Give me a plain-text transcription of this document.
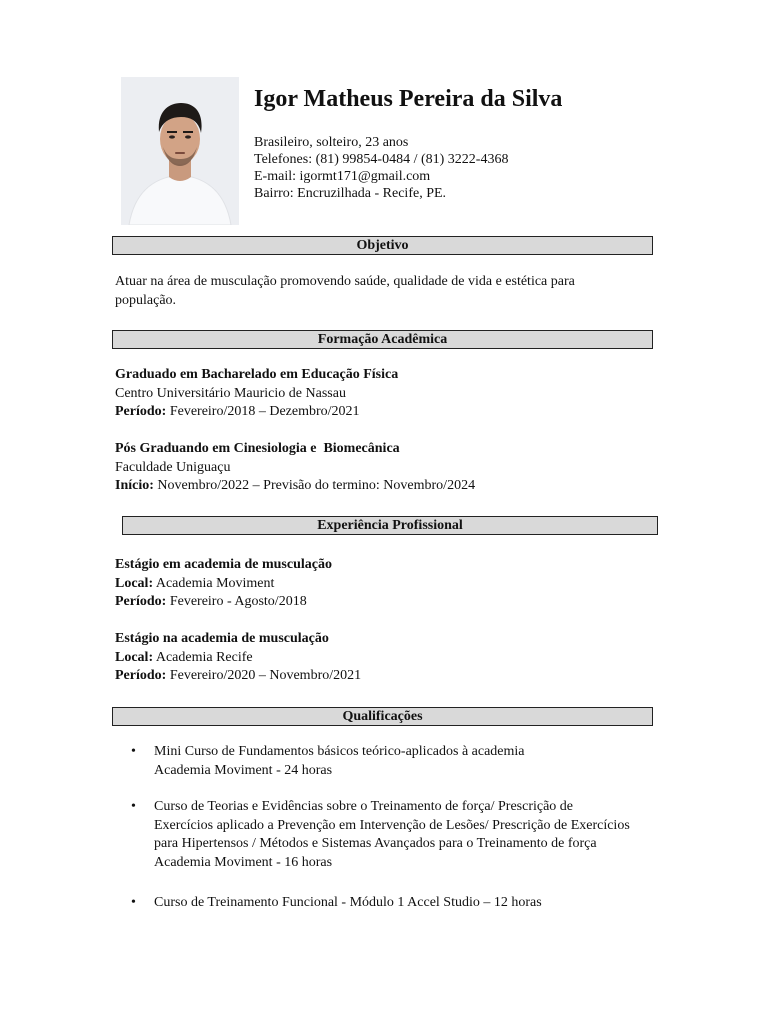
Igor Matheus Pereira da Silva
Brasileiro, solteiro, 23 anos
Telefones: (81) 99854-0484 / (81) 3222-4368
E-mail: igormt171@gmail.com
Bairro: Encruzilhada - Recife, PE.
Objetivo
Atuar na área de musculação promovendo saúde, qualidade de vida e estética para população.
Formação Acadêmica
Graduado em Bacharelado em Educação Física
Centro Universitário Mauricio de Nassau
Período: Fevereiro/2018 – Dezembro/2021
Pós Graduando em Cinesiologia e  Biomecânica
Faculdade Uniguaçu
Início: Novembro/2022 – Previsão do termino: Novembro/2024
Experiência Profissional
Estágio em academia de musculação
Local: Academia Moviment
Período: Fevereiro - Agosto/2018
Estágio na academia de musculação
Local: Academia Recife
Período: Fevereiro/2020 – Novembro/2021
Qualificações
• Mini Curso de Fundamentos básicos teórico-aplicados à academia
Academia Moviment - 24 horas
• Curso de Teorias e Evidências sobre o Treinamento de força/ Prescrição de Exercícios aplicado a Prevenção em Intervenção de Lesões/ Prescrição de Exercícios para Hipertensos / Métodos e Sistemas Avançados para o Treinamento de força
Academia Moviment - 16 horas
• Curso de Treinamento Funcional - Módulo 1 Accel Studio – 12 horas
